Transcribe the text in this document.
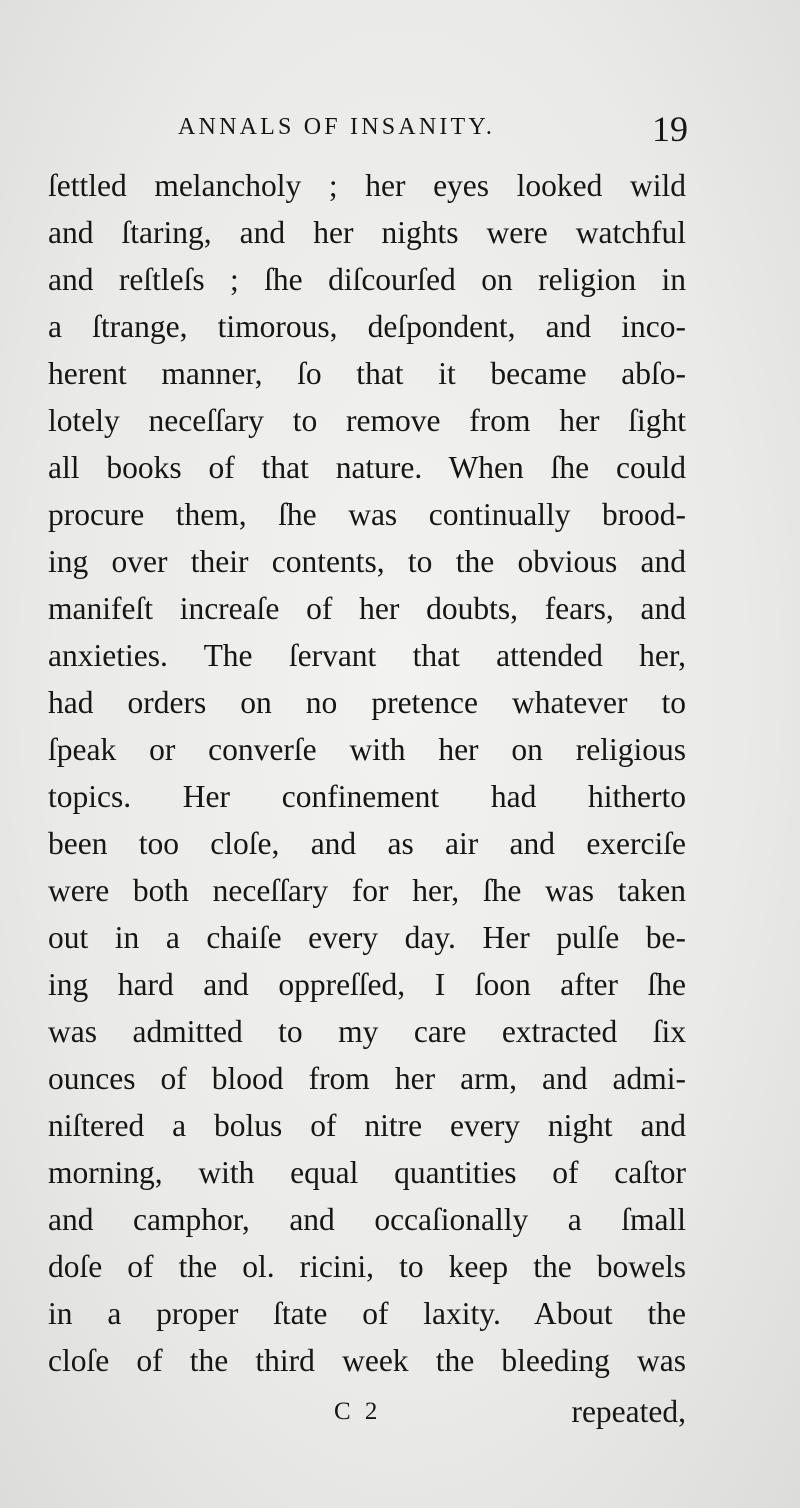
ANNALS OF INSANITY.	19
ſettled melancholy ; her eyes looked wild
and ſtaring, and her nights were watchful
and reſtleſs ; ſhe diſcourſed on religion in
a ſtrange, timorous, deſpondent, and inco-
herent manner, ſo that it became abſo-
lotely neceſſary to remove from her ſight
all books of that nature. When ſhe could
procure them, ſhe was continually brood-
ing over their contents, to the obvious and
manifeſt increaſe of her doubts, fears, and
anxieties. The ſervant that attended her,
had orders on no pretence whatever to
ſpeak or converſe with her on religious
topics. Her confinement had hitherto
been too cloſe, and as air and exerciſe
were both neceſſary for her, ſhe was taken
out in a chaiſe every day. Her pulſe be-
ing hard and oppreſſed, I ſoon after ſhe
was admitted to my care extracted ſix
ounces of blood from her arm, and admi-
niſtered a bolus of nitre every night and
morning, with equal quantities of caſtor
and camphor, and occaſionally a ſmall
doſe of the ol. ricini, to keep the bowels
in a proper ſtate of laxity. About the
cloſe of the third week the bleeding was
C 2	repeated,
